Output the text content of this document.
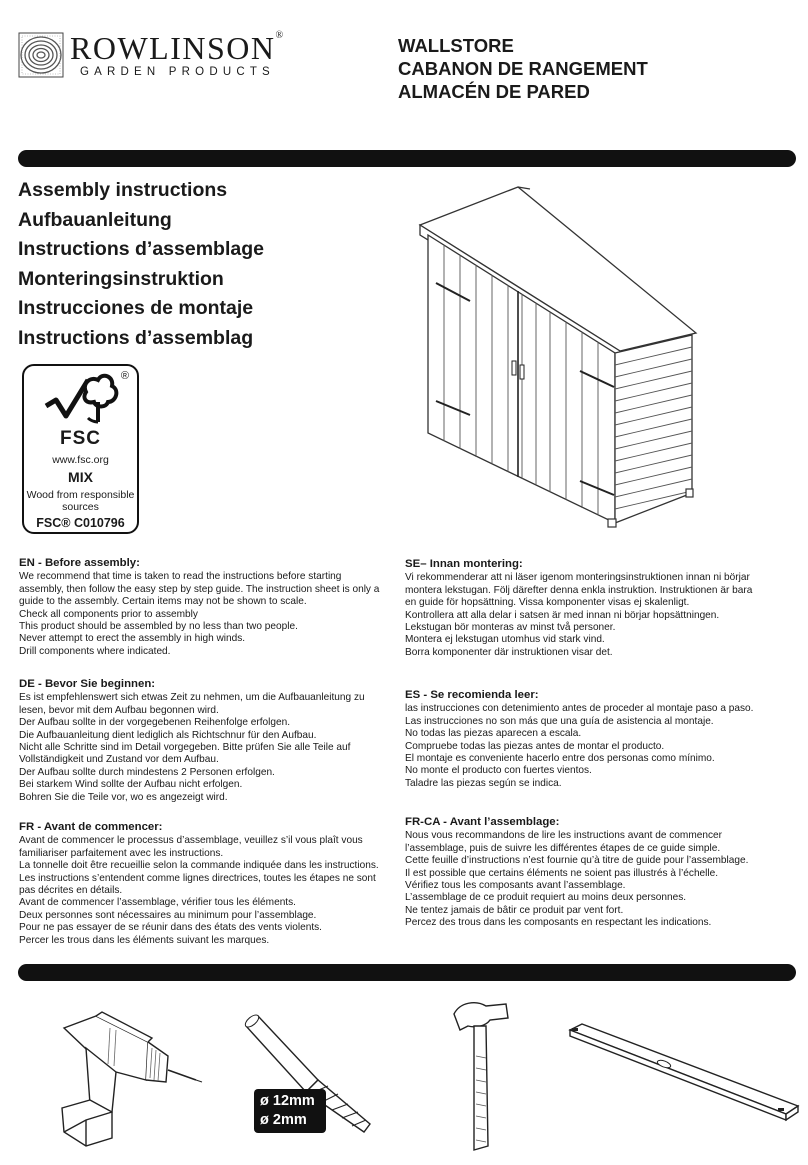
ROWLINSON®
GARDEN PRODUCTS
WALLSTORE
CABANON DE RANGEMENT
ALMACÉN DE PARED
Assembly instructions
Aufbauanleitung
Instructions d’assemblage
Monteringsinstruktion
Instrucciones de montaje
Instructions d’assemblag
®
FSC
www.fsc.org
MIX
Wood from responsible
sources
FSC® C010796
EN - Before assembly:

We recommend that time is taken to read the instructions before starting

assembly, then follow the easy step by step guide. The instruction sheet is only a

guide to the assembly. Certain items may not be shown to scale.

Check all components prior to assembly

This product should be assembled by no less than two people.

Never attempt to erect the assembly in high winds.

Drill components where indicated.

DE - Bevor Sie beginnen:

Es ist empfehlenswert sich etwas Zeit zu nehmen, um die Aufbauanleitung zu

lesen, bevor mit dem Aufbau begonnen wird.

Der Aufbau sollte in der vorgegebenen Reihenfolge erfolgen.

Die Aufbauanleitung dient lediglich als Richtschnur für den Aufbau.

Nicht alle Schritte sind im Detail vorgegeben. Bitte prüfen Sie alle Teile auf

Vollständigkeit und Zustand vor dem Aufbau.

Der Aufbau sollte durch mindestens 2 Personen erfolgen.

Bei starkem Wind sollte der Aufbau nicht erfolgen.

Bohren Sie die Teile vor, wo es angezeigt wird.

FR - Avant de commencer:

Avant de commencer le processus d’assemblage, veuillez s’il vous plaît vous

familiariser parfaitement avec les instructions.

La tonnelle doit être recueillie selon la commande indiquée dans les instructions.

Les instructions s’entendent comme lignes directrices, toutes les étapes ne sont

pas décrites en détails.

Avant de commencer l’assemblage, vérifier tous les éléments.

Deux personnes sont nécessaires au minimum pour l’assemblage.

Pour ne pas essayer de se réunir dans des états des vents violents.

Percer les trous dans les éléments suivant les marques.

SE– Innan montering:

Vi rekommenderar att ni läser igenom monteringsinstruktionen innan ni börjar

montera lekstugan. Följ därefter denna enkla instruktion. Instruktionen är bara

en guide för hopsättning. Vissa komponenter visas ej skalenligt.

Kontrollera att alla delar i satsen är med innan ni börjar hopsättningen.

Lekstugan bör monteras av minst två personer.

Montera ej lekstugan utomhus vid stark vind.

Borra komponenter där instruktionen visar det.

ES - Se recomienda leer:

las instrucciones con detenimiento antes de proceder al montaje paso a paso.

Las instrucciones no son más que una guía de asistencia al montaje.

No todas las piezas aparecen a escala.

Compruebe todas las piezas antes de montar el producto.

El montaje es conveniente hacerlo entre dos personas como mínimo.

No monte el producto con fuertes vientos.

Taladre las piezas según se indica.

FR-CA - Avant l’assemblage:

Nous vous recommandons de lire les instructions avant de commencer

l’assemblage, puis de suivre les différentes étapes de ce guide simple.

Cette feuille d’instructions n’est fournie qu’à titre de guide pour l’assemblage.

Il est possible que certains éléments ne soient pas illustrés à l’échelle.

Vérifiez tous les composants avant l’assemblage.

L’assemblage de ce produit requiert au moins deux personnes.

Ne tentez jamais de bâtir ce produit par vent fort.

Percez des trous dans les composants en respectant les indications.

ø 12mm
ø 2mm
